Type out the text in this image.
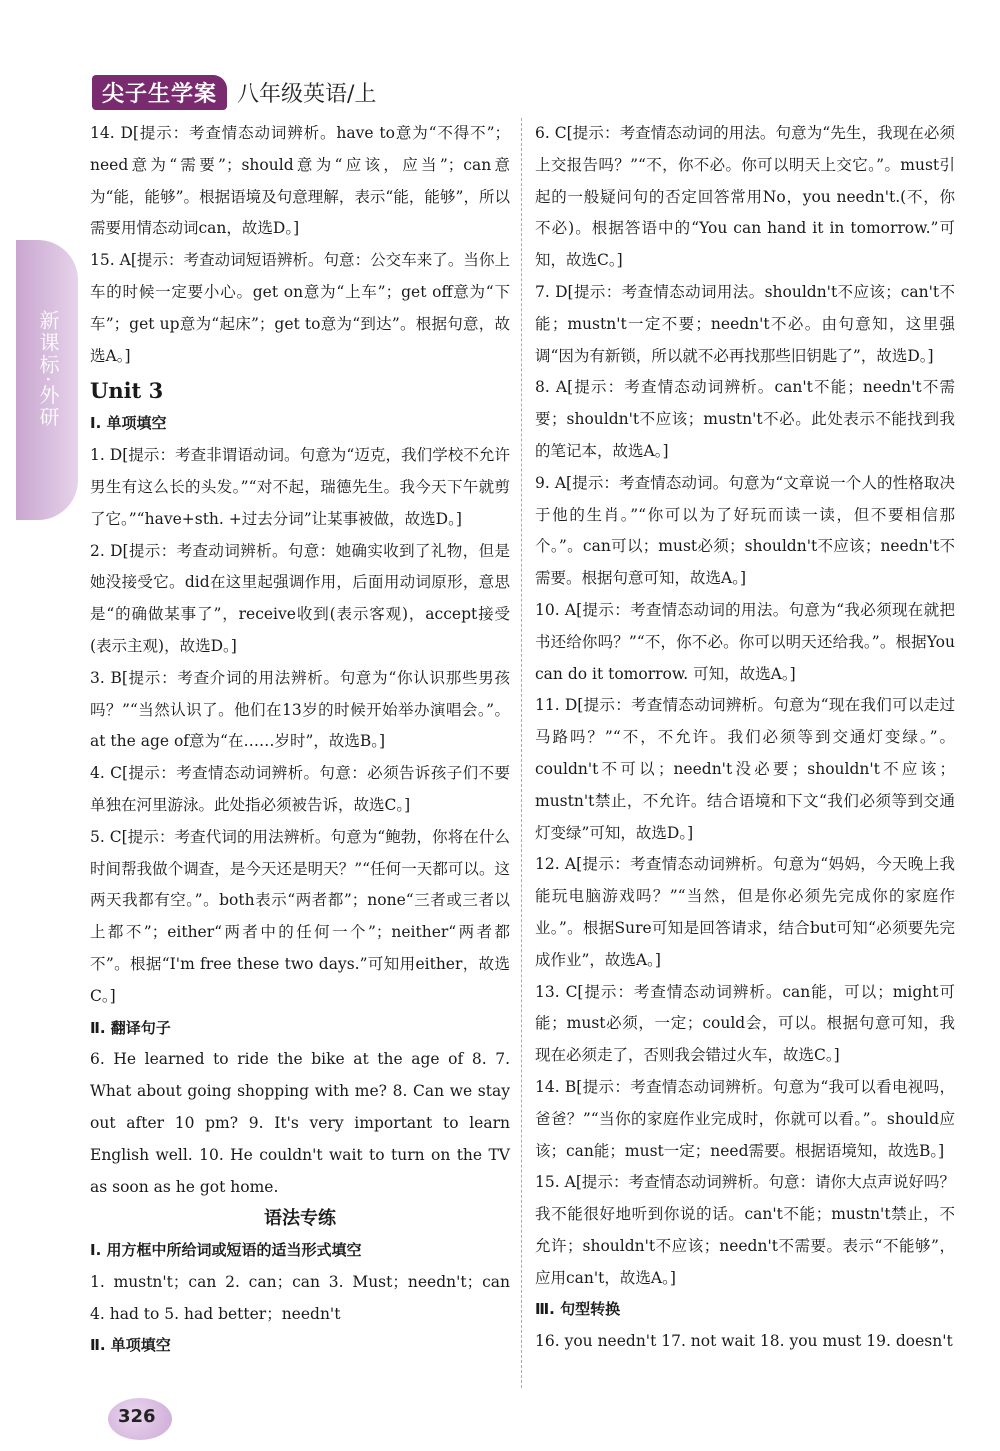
尖子生学案 八年级英语/上
新课标·外研

14. D[提示：考查情态动词辨析。have to意为“不得不”；need意为“需要”；should意为“应该，应当”；can意为“能，能够”。根据语境及句意理解，表示“能，能够”，所以需要用情态动词can，故选D。]

15. A[提示：考查动词短语辨析。句意：公交车来了。当你上车的时候一定要小心。get on意为“上车”；get off意为“下车”；get up意为“起床”；get to意为“到达”。根据句意，故选A。]

Unit 3

Ⅰ. 单项填空

1. D[提示：考查非谓语动词。句意为“迈克，我们学校不允许男生有这么长的头发。”“对不起，瑞德先生。我今天下午就剪了它。”“have+sth. +过去分词”让某事被做，故选D。]

2. D[提示：考查动词辨析。句意：她确实收到了礼物，但是她没接受它。did在这里起强调作用，后面用动词原形，意思是“的确做某事了”，receive收到(表示客观)，accept接受(表示主观)，故选D。]

3. B[提示：考查介词的用法辨析。句意为“你认识那些男孩吗？”“当然认识了。他们在13岁的时候开始举办演唱会。”。at the age of意为“在……岁时”，故选B。]

4. C[提示：考查情态动词辨析。句意：必须告诉孩子们不要单独在河里游泳。此处指必须被告诉，故选C。]

5. C[提示：考查代词的用法辨析。句意为“鲍勃，你将在什么时间帮我做个调查，是今天还是明天？”“任何一天都可以。这两天我都有空。”。both表示“两者都”；none“三者或三者以上都不”；either“两者中的任何一个”；neither“两者都不”。根据“I'm free these two days.”可知用either，故选C。]

Ⅱ. 翻译句子

6. He learned to ride the bike at the age of 8. 7. What about going shopping with me? 8. Can we stay out after 10 pm? 9. It's very important to learn English well. 10. He couldn't wait to turn on the TV as soon as he got home.

语法专练

Ⅰ. 用方框中所给词或短语的适当形式填空

1. mustn't；can 2. can；can 3. Must；needn't；can 4. had to 5. had better；needn't

Ⅱ. 单项填空

6. C[提示：考查情态动词的用法。句意为“先生，我现在必须上交报告吗？”“不，你不必。你可以明天上交它。”。must引起的一般疑问句的否定回答常用No，you needn't.(不，你不必)。根据答语中的“You can hand it in tomorrow.”可知，故选C。]

7. D[提示：考查情态动词用法。shouldn't不应该；can't不能；mustn't一定不要；needn't不必。由句意知，这里强调“因为有新锁，所以就不必再找那些旧钥匙了”，故选D。]

8. A[提示：考查情态动词辨析。can't不能；needn't不需要；shouldn't不应该；mustn't不必。此处表示不能找到我的笔记本，故选A。]

9. A[提示：考查情态动词。句意为“文章说一个人的性格取决于他的生肖。”“你可以为了好玩而读一读，但不要相信那个。”。can可以；must必须；shouldn't不应该；needn't不需要。根据句意可知，故选A。]

10. A[提示：考查情态动词的用法。句意为“我必须现在就把书还给你吗？”“不，你不必。你可以明天还给我。”。根据You can do it tomorrow. 可知，故选A。]

11. D[提示：考查情态动词辨析。句意为“现在我们可以走过马路吗？”“不，不允许。我们必须等到交通灯变绿。”。couldn't不可以；needn't没必要；shouldn't不应该；mustn't禁止，不允许。结合语境和下文“我们必须等到交通灯变绿”可知，故选D。]

12. A[提示：考查情态动词辨析。句意为“妈妈，今天晚上我能玩电脑游戏吗？”“当然，但是你必须先完成你的家庭作业。”。根据Sure可知是回答请求，结合but可知“必须要先完成作业”，故选A。]

13. C[提示：考查情态动词辨析。can能，可以；might可能；must必须，一定；could会，可以。根据句意可知，我现在必须走了，否则我会错过火车，故选C。]

14. B[提示：考查情态动词辨析。句意为“我可以看电视吗，爸爸？”“当你的家庭作业完成时，你就可以看。”。should应该；can能；must一定；need需要。根据语境知，故选B。]

15. A[提示：考查情态动词辨析。句意：请你大点声说好吗？我不能很好地听到你说的话。can't不能；mustn't禁止，不允许；shouldn't不应该；needn't不需要。表示“不能够”，应用can't，故选A。]

Ⅲ. 句型转换

16. you needn't 17. not wait 18. you must 19. doesn't

326
